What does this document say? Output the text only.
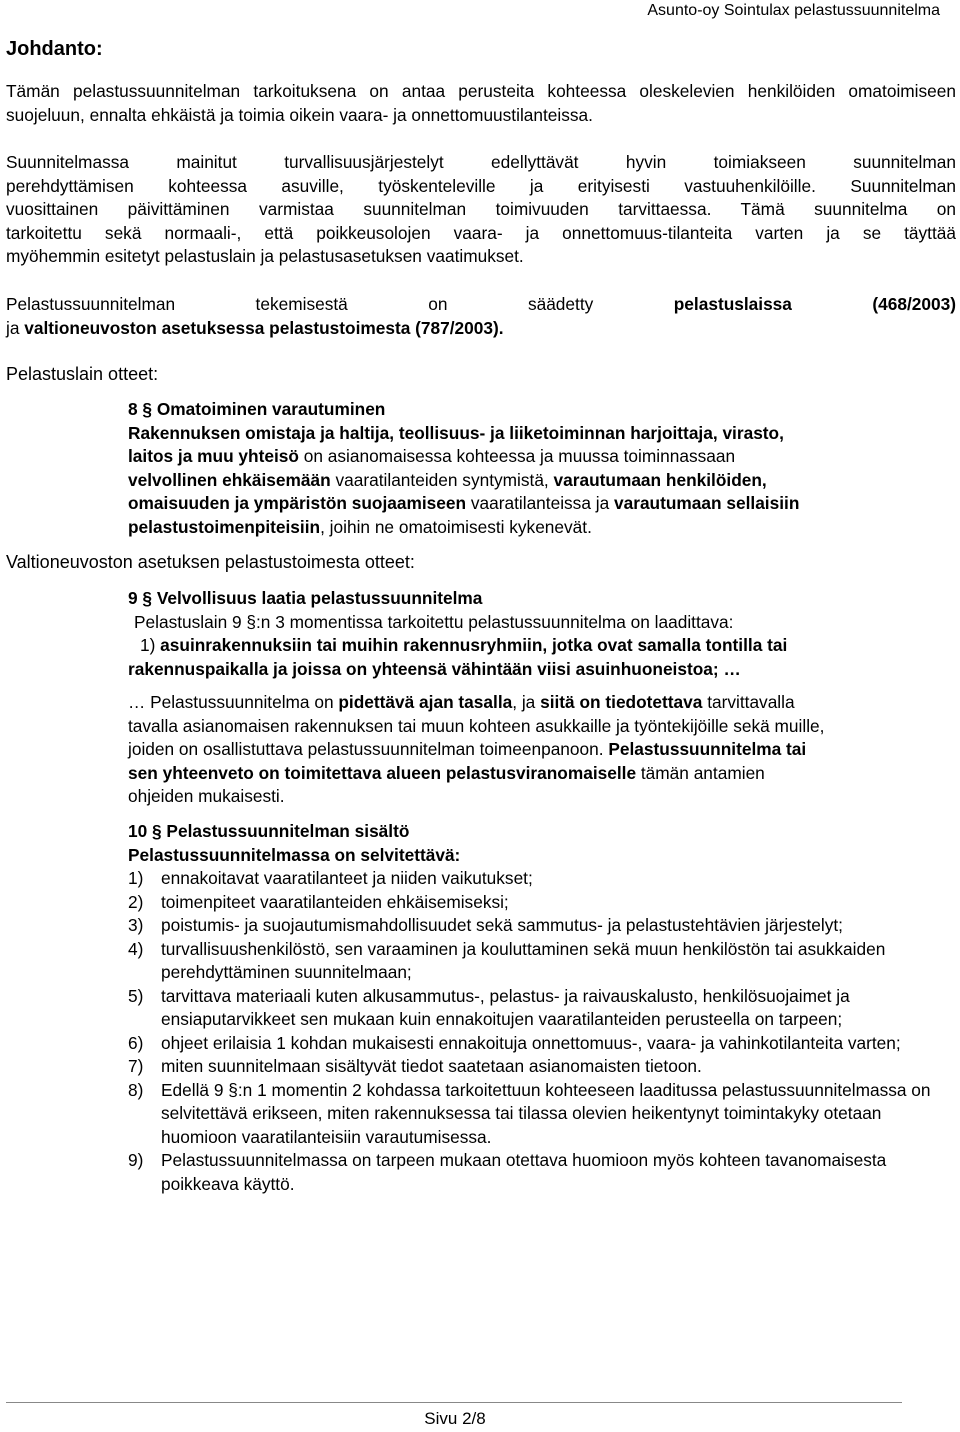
Asunto-oy Sointulax pelastussuunnitelma
Johdanto:

Tämän pelastussuunnitelman tarkoituksena on antaa perusteita kohteessa oleskelevien henkilöiden omatoimiseen suojeluun, ennalta ehkäistä ja toimia oikein vaara- ja onnettomuustilanteissa.

Suunnitelmassa mainitut turvallisuusjärjestelyt edellyttävät hyvin toimiakseen suunnitelman
perehdyttämisen kohteessa asuville, työskenteleville ja erityisesti vastuuhenkilöille. Suunnitelman
vuosittainen päivittäminen varmistaa suunnitelman toimivuuden tarvittaessa. Tämä suunnitelma on
tarkoitettu sekä normaali-, että poikkeusolojen vaara- ja onnettomuus-tilanteita varten ja se täyttää
myöhemmin esitetyt pelastuslain ja pelastusasetuksen vaatimukset.

Pelastussuunnitelman tekemisestä on säädetty pelastuslaissa (468/2003)
ja valtioneuvoston asetuksessa pelastustoimesta (787/2003).

Pelastuslain otteet:
8 § Omatoiminen varautuminen
Rakennuksen omistaja ja haltija, teollisuus- ja liiketoiminnan harjoittaja, virasto,
laitos ja muu yhteisö on asianomaisessa kohteessa ja muussa toiminnassaan
velvollinen ehkäisemään vaaratilanteiden syntymistä, varautumaan henkilöiden,
omaisuuden ja ympäristön suojaamiseen vaaratilanteissa ja varautumaan sellaisiin
pelastustoimenpiteisiin, joihin ne omatoimisesti kykenevät.
Valtioneuvoston asetuksen pelastustoimesta otteet:
9 § Velvollisuus laatia pelastussuunnitelma
Pelastuslain 9 §:n 3 momentissa tarkoitettu pelastussuunnitelma on laadittava:
1) asuinrakennuksiin tai muihin rakennusryhmiin, jotka ovat samalla tontilla tai
rakennuspaikalla ja joissa on yhteensä vähintään viisi asuinhuoneistoa; …
… Pelastussuunnitelma on pidettävä ajan tasalla, ja siitä on tiedotettava tarvittavalla
tavalla asianomaisen rakennuksen tai muun kohteen asukkaille ja työntekijöille sekä muille,
joiden on osallistuttava pelastussuunnitelman toimeenpanoon. Pelastussuunnitelma tai
sen yhteenveto on toimitettava alueen pelastusviranomaiselle tämän antamien
ohjeiden mukaisesti.
10 § Pelastussuunnitelman sisältö
Pelastussuunnitelmassa on selvitettävä:
1) ennakoitavat vaaratilanteet ja niiden vaikutukset;
2) toimenpiteet vaaratilanteiden ehkäisemiseksi;
3) poistumis- ja suojautumismahdollisuudet sekä sammutus- ja pelastustehtävien järjestelyt;
4) turvallisuushenkilöstö, sen varaaminen ja kouluttaminen sekä muun henkilöstön tai asukkaiden perehdyttäminen suunnitelmaan;
5) tarvittava materiaali kuten alkusammutus-, pelastus- ja raivauskalusto, henkilösuojaimet ja ensiaputarvikkeet sen mukaan kuin ennakoitujen vaaratilanteiden perusteella on tarpeen;
6) ohjeet erilaisia 1 kohdan mukaisesti ennakoituja onnettomuus-, vaara- ja vahinkotilanteita varten;
7) miten suunnitelmaan sisältyvät tiedot saatetaan asianomaisten tietoon.
8) Edellä 9 §:n 1 momentin 2 kohdassa tarkoitettuun kohteeseen laaditussa pelastussuunnitelmassa on selvitettävä erikseen, miten rakennuksessa tai tilassa olevien heikentynyt toimintakyky otetaan huomioon vaaratilanteisiin varautumisessa.
9) Pelastussuunnitelmassa on tarpeen mukaan otettava huomioon myös kohteen tavanomaisesta poikkeava käyttö.
Sivu 2/8
